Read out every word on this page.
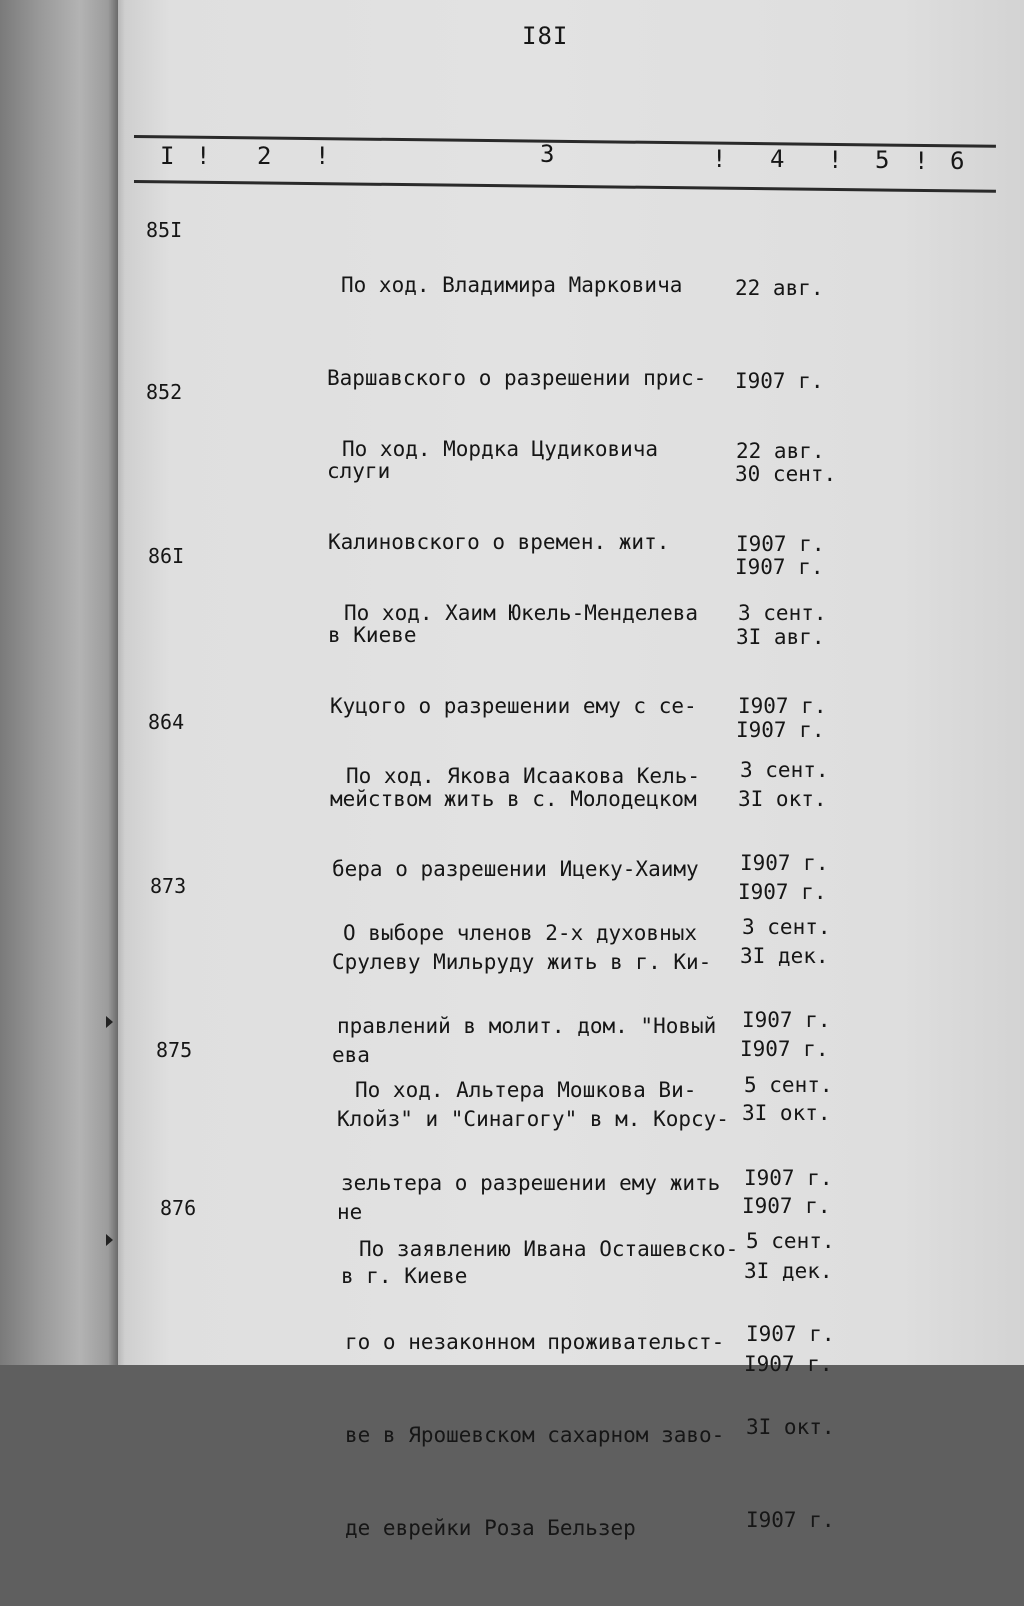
I8I
I ! 2 !	3	! 4 ! 5 ! 6
85I

По ход. Владимира Марковича

Варшавского о разрешении прис-

слуги

22 авг.

I907 г.

30 сент.

I907 г.

852

По ход. Мордка Цудиковича

Калиновского о времен. жит.

в Киеве

22 авг.

I907 г.

3I авг.

I907 г.

86I

По ход. Хаим Юкель-Менделева

Куцого о разрешении ему с се-

мейством жить в с. Молодецком

3 сент.

I907 г.

3I окт.

I907 г.

864

По ход. Якова Исаакова Кель-

бера о разрешении Ицеку-Хаиму

Срулеву Мильруду жить в г. Ки-

ева

3 сент.

I907 г.

3I дек.

I907 г.

873

О выборе членов 2-х духовных

правлений в молит. дом. "Новый

Клойз" и "Синагогу" в м. Корсу-

не

3 сент.

I907 г.

3I окт.

I907 г.

875

По ход. Альтера Мошкова Ви-

зельтера о разрешении ему жить

в г. Киеве

5 сент.

I907 г.

3I дек.

I907 г.

876

По заявлению Ивана Осташевско-

го о незаконном проживательст-

ве в Ярошевском сахарном заво-

де еврейки Роза Бельзер

5 сент.

I907 г.

3I окт.

I907 г.
